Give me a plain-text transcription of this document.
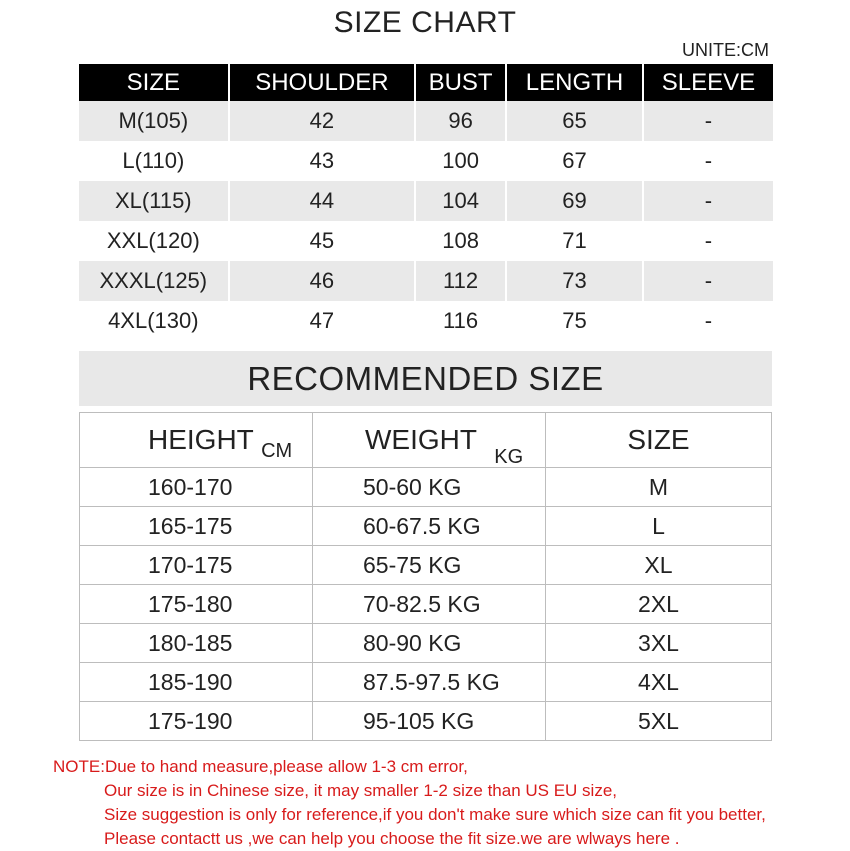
SIZE CHART
UNITE:CM
SIZE	SHOULDER	BUST	LENGTH	SLEEVE
M(105)	42	96	65	-
L(110)	43	100	67	-
XL(115)	44	104	69	-
XXL(120)	45	108	71	-
XXXL(125)	46	112	73	-
4XL(130)	47	116	75	-
RECOMMENDED SIZE
HEIGHT $_{CM}$	WEIGHT $_{KG}$	SIZE
160-170	50-60 KG	M
165-175	60-67.5 KG	L
170-175	65-75 KG	XL
175-180	70-82.5 KG	2XL
180-185	80-90 KG	3XL
185-190	87.5-97.5 KG	4XL
175-190	95-105 KG	5XL
NOTE:Due to hand measure,please allow 1-3 cm error,
Our size is in Chinese size, it may smaller 1-2 size than US EU size,
Size suggestion is only for reference,if you don't make sure which size can fit you better,
Please contactt us ,we can help you choose the fit size.we are wlways here .
